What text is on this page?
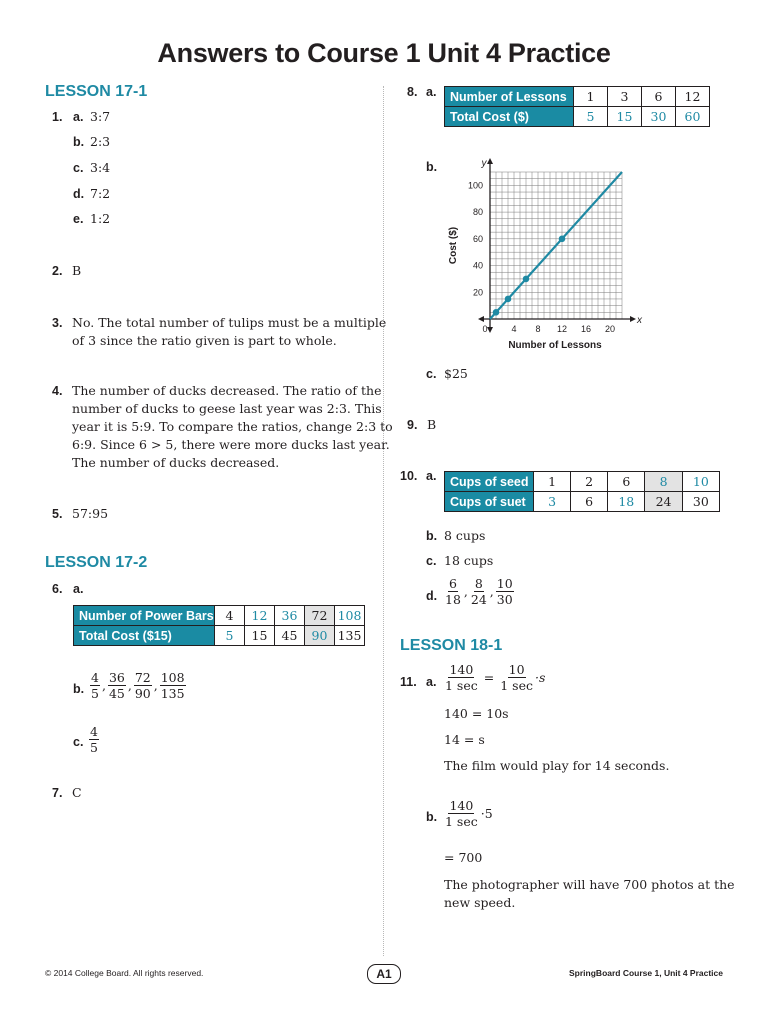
Answers to Course 1 Unit 4 Practice
LESSON 17-1
1. a. 3:7
b. 2:3
c. 3:4
d. 7:2
e. 1:2
2. B
3. No. The total number of tulips must be a multiple
of 3 since the ratio given is part to whole.
4. The number of ducks decreased. The ratio of the
number of ducks to geese last year was 2:3. This
year it is 5:9. To compare the ratios, change 2:3 to
6:9. Since 6 > 5, there were more ducks last year.
The number of ducks decreased.
5. 57:95
LESSON 17-2
6. a.
Number of Power Bars	4	12	36	72	108
Total Cost ($15)	5	15	45	90	135
b. $\frac{4}{5}$ , $\frac{36}{45}$ , $\frac{72}{90}$ , $\frac{108}{135}$
c. $\frac{4}{5}$
7. C
8. a. Number of Lessons	1	3	6	12
Total Cost ($)	5	15	30	60
b.
0	4 8 12 16 20
20
40
60
80
100
Cost ($)
Number of Lessons
y
x
c. $25
9. B
10. a. Cups of seed	1	2	6	8	10
Cups of suet	3	6	18	24	30
b. 8 cups
c. 18 cups
d. $\frac{6}{18}$ , $\frac{8}{24}$ , $\frac{10}{30}$
LESSON 18-1
11. a. $\frac{140}{1 \sec} = \frac{10}{1 \sec} \cdot s$
140 = 10s
14 = s
The film would play for 14 seconds.
b. $\frac{140}{1 \sec} \cdot 5$
= 700
The photographer will have 700 photos at the
new speed.
© 2014 College Board. All rights reserved.	A1	SpringBoard Course 1, Unit 4 Practice
